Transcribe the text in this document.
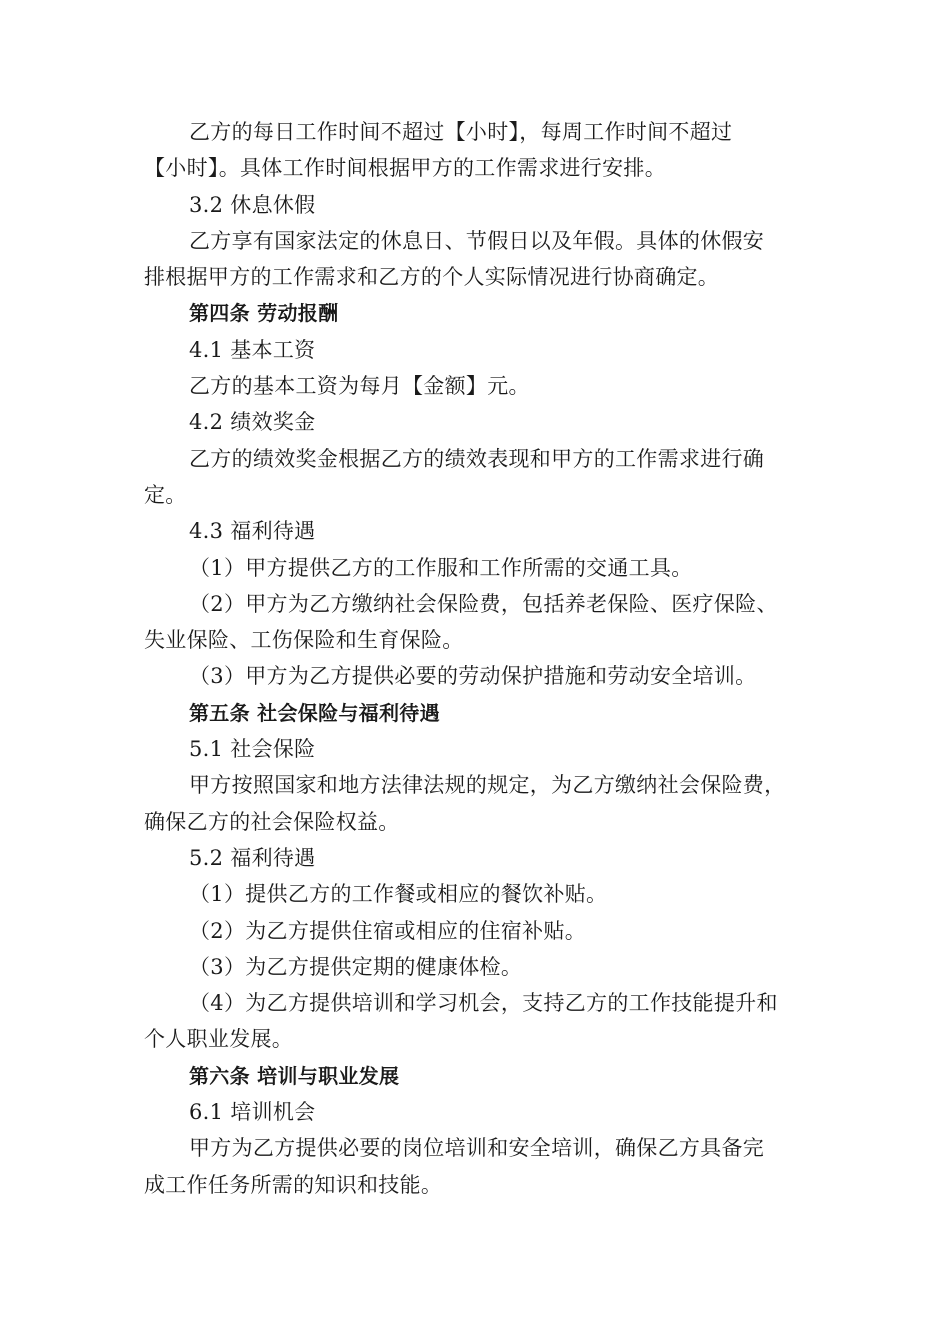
乙方的每日工作时间不超过【小时】，每周工作时间不超过
【小时】。具体工作时间根据甲方的工作需求进行安排。
3.2 休息休假
乙方享有国家法定的休息日、节假日以及年假。具体的休假安
排根据甲方的工作需求和乙方的个人实际情况进行协商确定。
第四条 劳动报酬
4.1 基本工资
乙方的基本工资为每月【金额】元。
4.2 绩效奖金
乙方的绩效奖金根据乙方的绩效表现和甲方的工作需求进行确
定。
4.3 福利待遇
（1）甲方提供乙方的工作服和工作所需的交通工具。
（2）甲方为乙方缴纳社会保险费，包括养老保险、医疗保险、
失业保险、工伤保险和生育保险。
（3）甲方为乙方提供必要的劳动保护措施和劳动安全培训。
第五条 社会保险与福利待遇
5.1 社会保险
甲方按照国家和地方法律法规的规定，为乙方缴纳社会保险费，
确保乙方的社会保险权益。
5.2 福利待遇
（1）提供乙方的工作餐或相应的餐饮补贴。
（2）为乙方提供住宿或相应的住宿补贴。
（3）为乙方提供定期的健康体检。
（4）为乙方提供培训和学习机会，支持乙方的工作技能提升和
个人职业发展。
第六条 培训与职业发展
6.1 培训机会
甲方为乙方提供必要的岗位培训和安全培训，确保乙方具备完
成工作任务所需的知识和技能。
